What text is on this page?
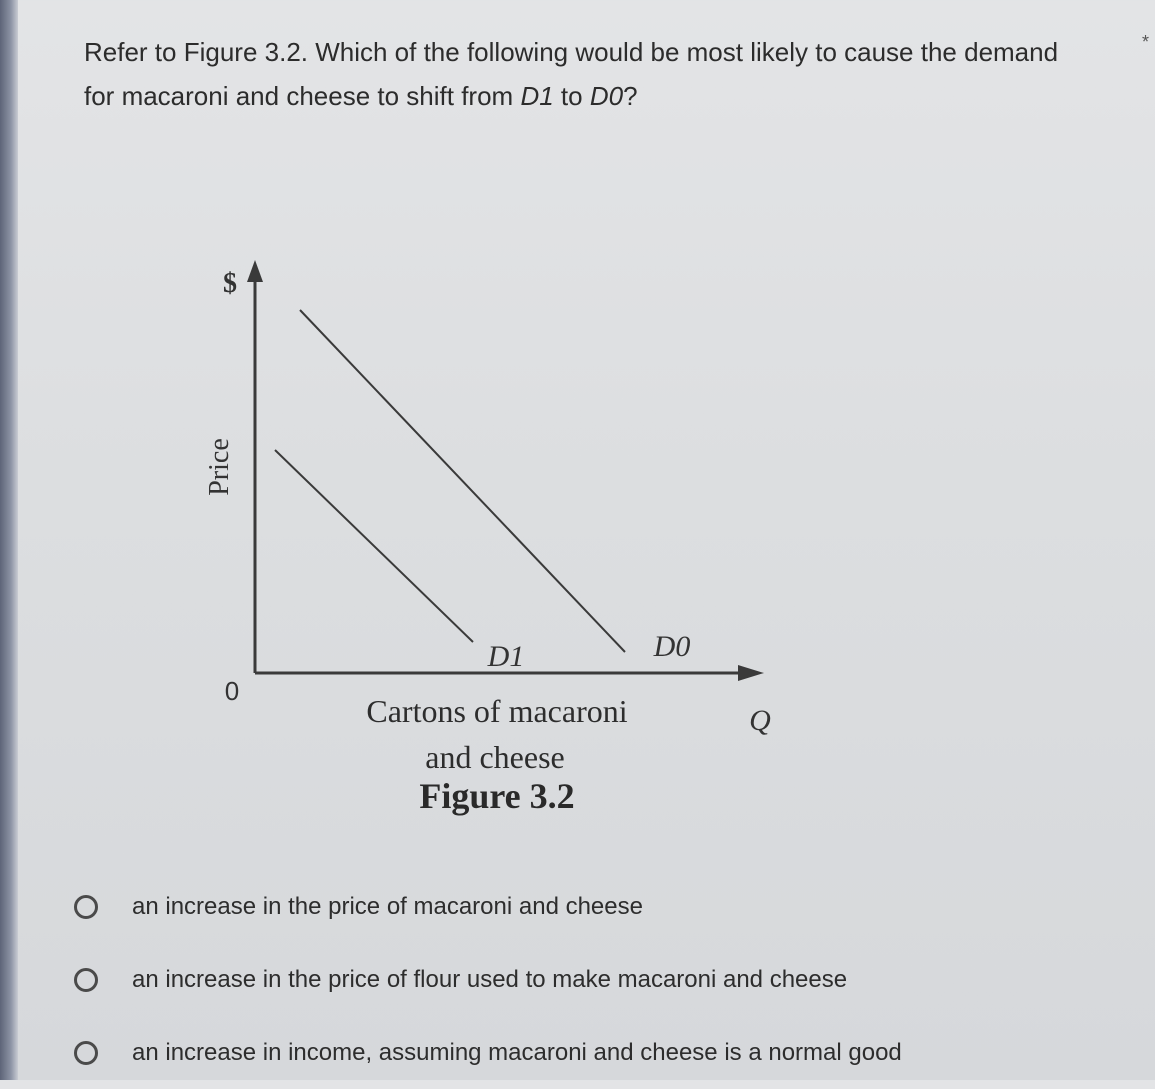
Refer to Figure 3.2. Which of the following would be most likely to cause the demand for macaroni and cheese to shift from D1 to D0?
*
$
Price
0
D1	D0
Cartons of macaroni
and cheese
Q
Figure 3.2
an increase in the price of macaroni and cheese
an increase in the price of flour used to make macaroni and cheese
an increase in income, assuming macaroni and cheese is a normal good
